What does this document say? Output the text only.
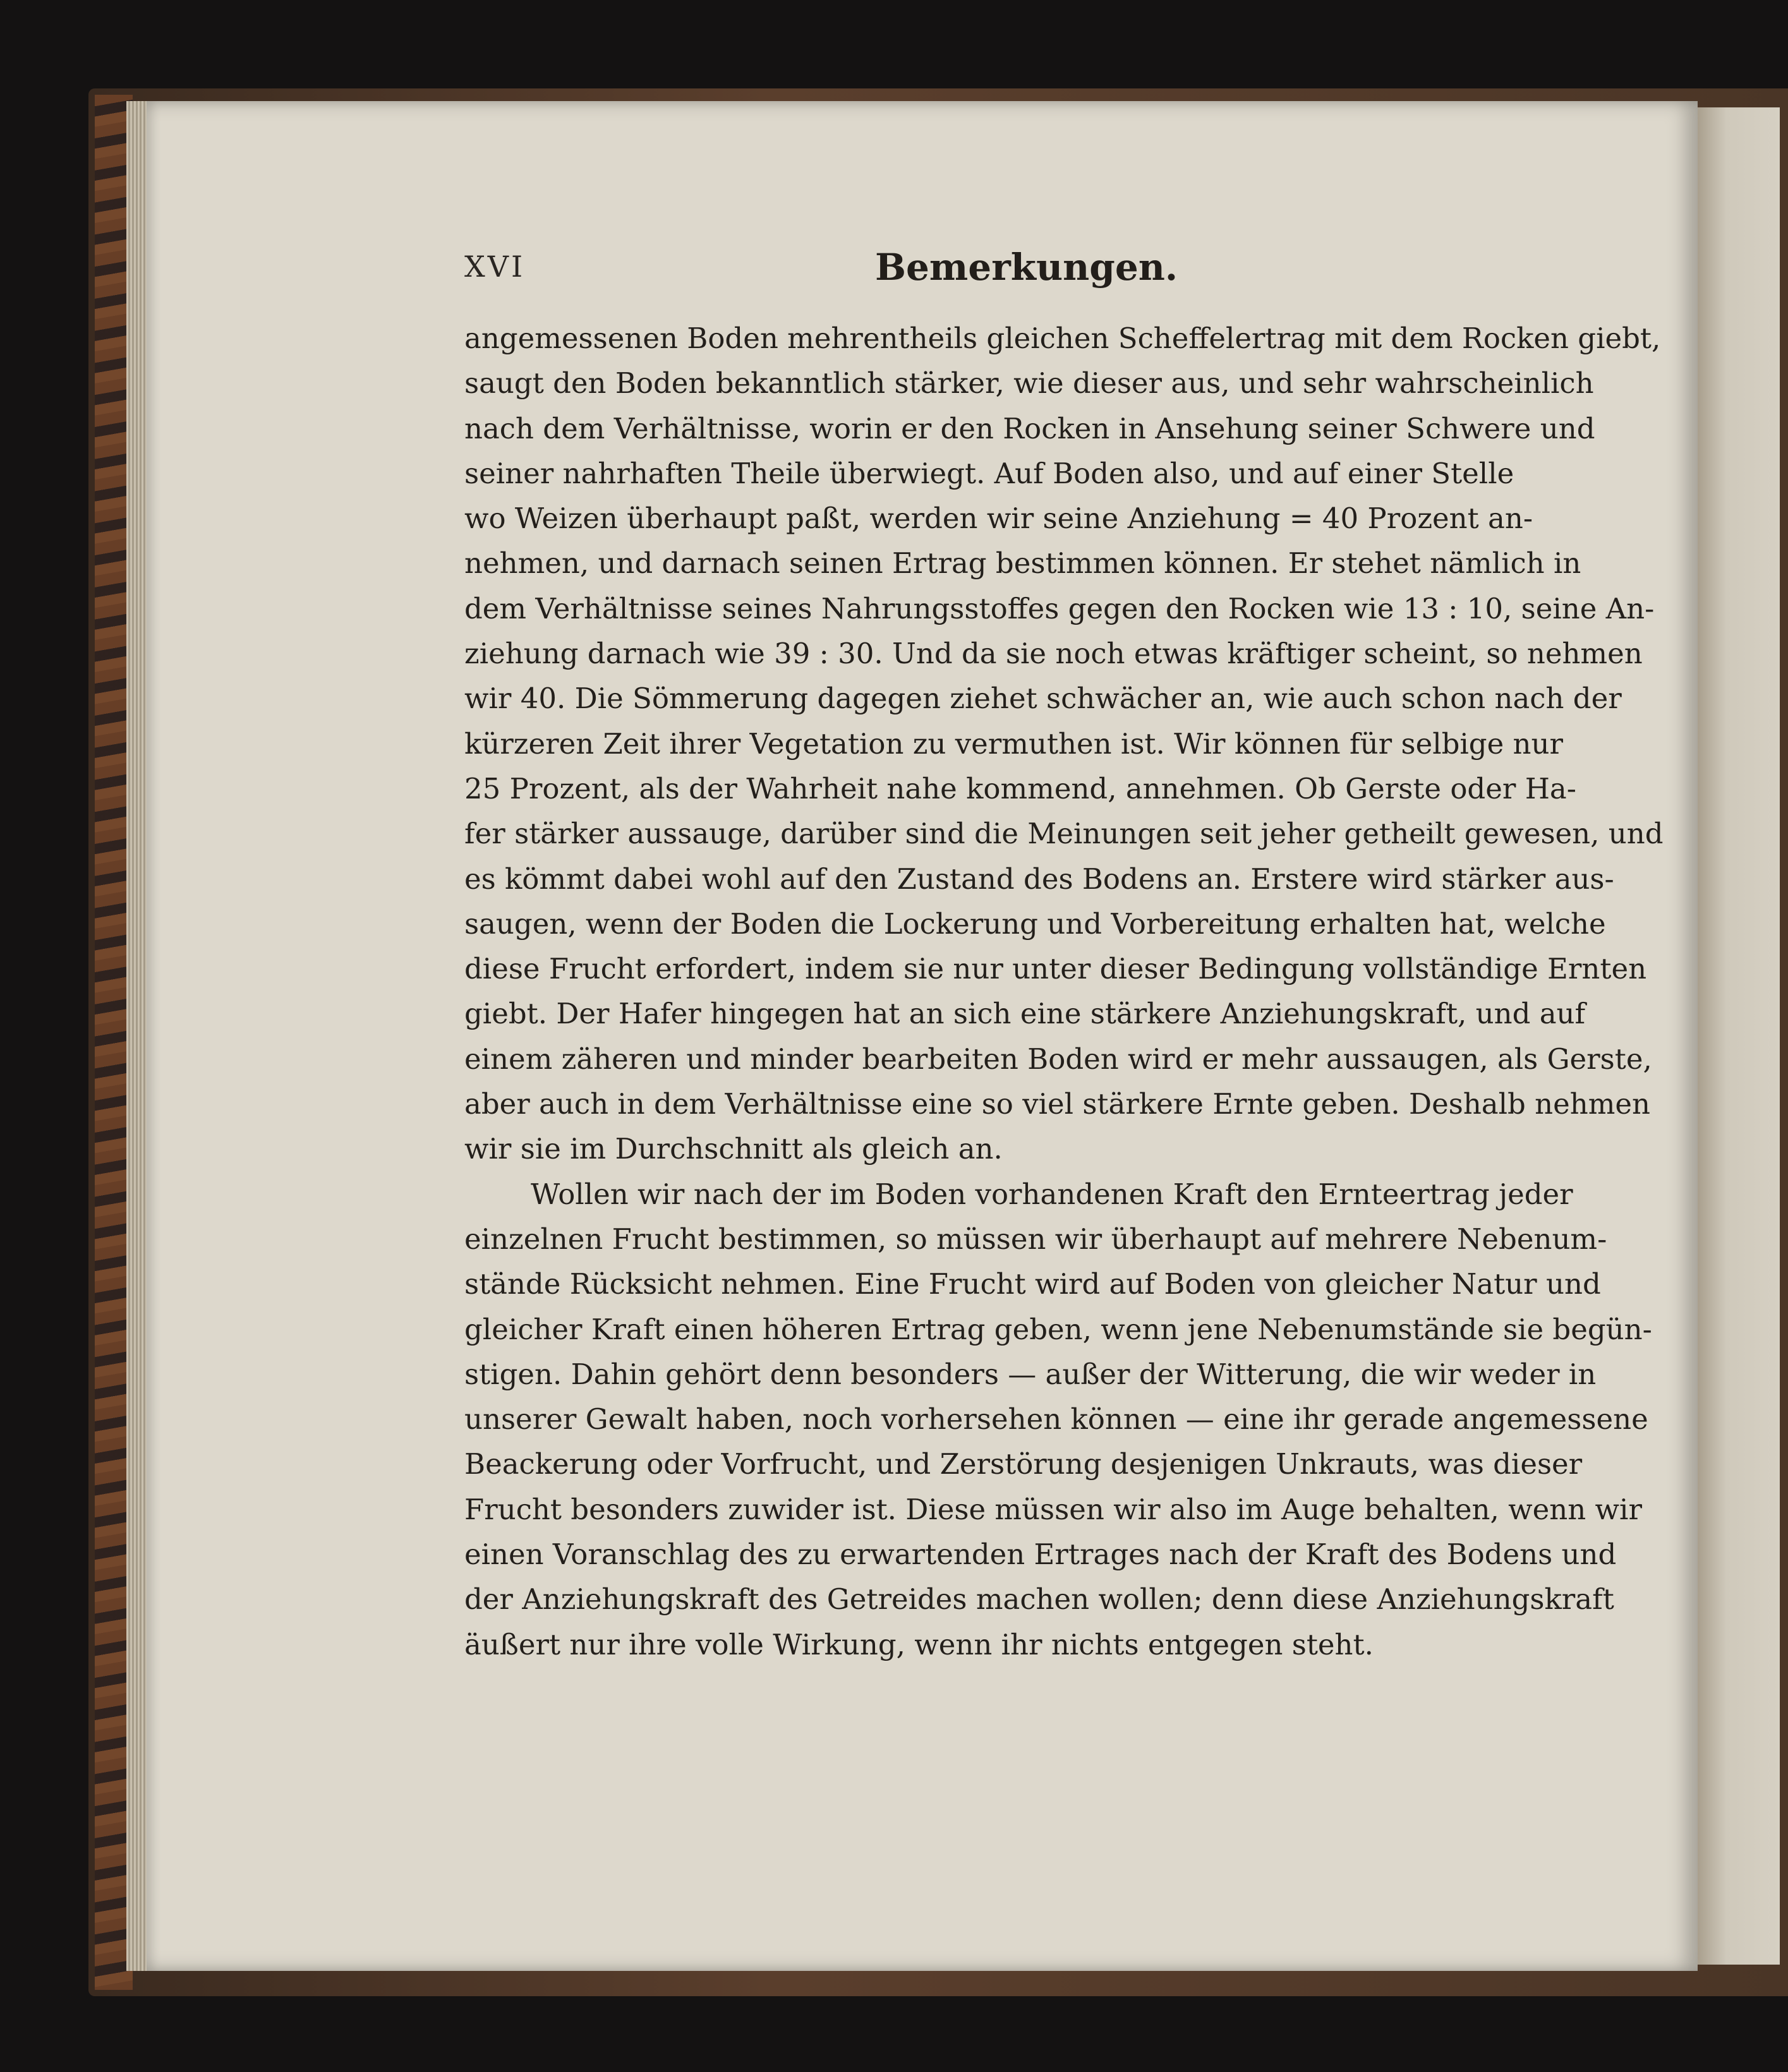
XVI	Bemerkungen.
angemessenen Boden mehrentheils gleichen Scheffelertrag mit dem Rocken giebt,
saugt den Boden bekanntlich stärker, wie dieser aus, und sehr wahrscheinlich
nach dem Verhältnisse, worin er den Rocken in Ansehung seiner Schwere und
seiner nahrhaften Theile überwiegt. Auf Boden also, und auf einer Stelle
wo Weizen überhaupt paßt, werden wir seine Anziehung = 40 Prozent an-
nehmen, und darnach seinen Ertrag bestimmen können. Er stehet nämlich in
dem Verhältnisse seines Nahrungsstoffes gegen den Rocken wie 13 : 10, seine An-
ziehung darnach wie 39 : 30. Und da sie noch etwas kräftiger scheint, so nehmen
wir 40. Die Sömmerung dagegen ziehet schwächer an, wie auch schon nach der
kürzeren Zeit ihrer Vegetation zu vermuthen ist. Wir können für selbige nur
25 Prozent, als der Wahrheit nahe kommend, annehmen. Ob Gerste oder Ha-
fer stärker aussauge, darüber sind die Meinungen seit jeher getheilt gewesen, und
es kömmt dabei wohl auf den Zustand des Bodens an. Erstere wird stärker aus-
saugen, wenn der Boden die Lockerung und Vorbereitung erhalten hat, welche
diese Frucht erfordert, indem sie nur unter dieser Bedingung vollständige Ernten
giebt. Der Hafer hingegen hat an sich eine stärkere Anziehungskraft, und auf
einem zäheren und minder bearbeiten Boden wird er mehr aussaugen, als Gerste,
aber auch in dem Verhältnisse eine so viel stärkere Ernte geben. Deshalb nehmen
wir sie im Durchschnitt als gleich an.
Wollen wir nach der im Boden vorhandenen Kraft den Ernteertrag jeder
einzelnen Frucht bestimmen, so müssen wir überhaupt auf mehrere Nebenum-
stände Rücksicht nehmen. Eine Frucht wird auf Boden von gleicher Natur und
gleicher Kraft einen höheren Ertrag geben, wenn jene Nebenumstände sie begün-
stigen. Dahin gehört denn besonders — außer der Witterung, die wir weder in
unserer Gewalt haben, noch vorhersehen können — eine ihr gerade angemessene
Beackerung oder Vorfrucht, und Zerstörung desjenigen Unkrauts, was dieser
Frucht besonders zuwider ist. Diese müssen wir also im Auge behalten, wenn wir
einen Voranschlag des zu erwartenden Ertrages nach der Kraft des Bodens und
der Anziehungskraft des Getreides machen wollen; denn diese Anziehungskraft
äußert nur ihre volle Wirkung, wenn ihr nichts entgegen steht.
